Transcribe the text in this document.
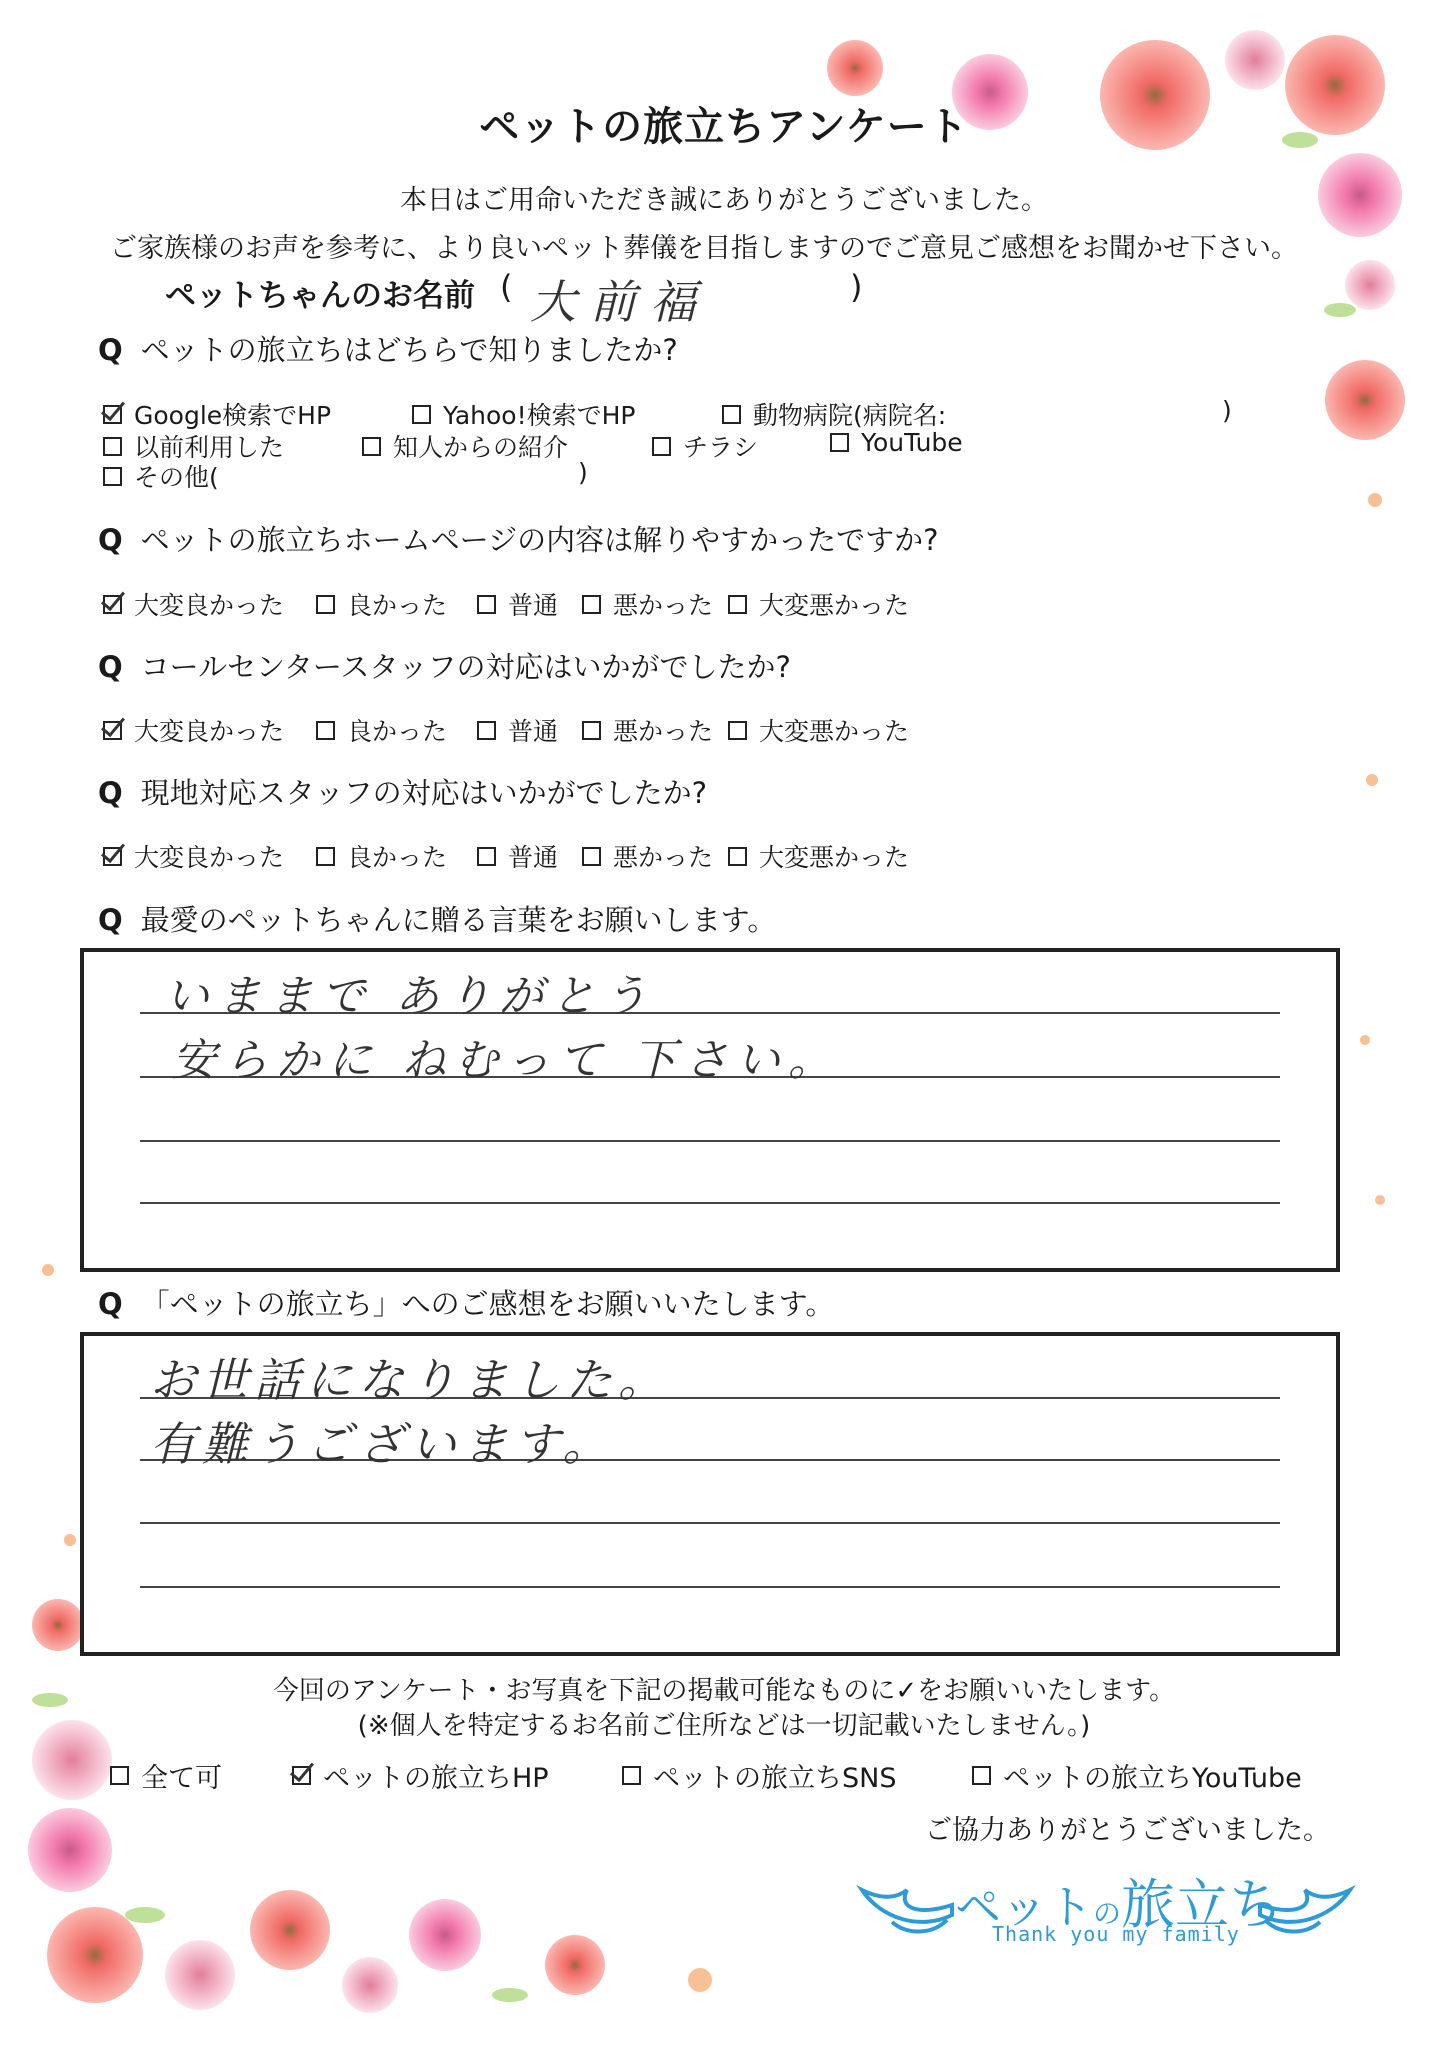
ペットの旅立ちアンケート
本日はご用命いただき誠にありがとうございました。
ご家族様のお声を参考に、より良いペット葬儀を目指しますのでご意見ご感想をお聞かせ下さい。
ペットちゃんのお名前 ( 大前福	)
Q ペットの旅立ちはどちらで知りましたか?
Google検索でHP	Yahoo!検索でHP	動物病院(病院名:	)
以前利用した	知人からの紹介	チラシ	YouTube
その他(	)
Q ペットの旅立ちホームページの内容は解りやすかったですか?
大変良かった	良かった 普通 悪かった 大変悪かった
Q コールセンタースタッフの対応はいかがでしたか?
大変良かった	良かった 普通 悪かった 大変悪かった
Q 現地対応スタッフの対応はいかがでしたか?
大変良かった	良かった 普通 悪かった 大変悪かった
Q 最愛のペットちゃんに贈る言葉をお願いします。
いままで ありがとう
安らかに ねむって 下さい。
Q 「ペットの旅立ち」へのご感想をお願いいたします。
お世話になりました。
有難うございます。
今回のアンケート・お写真を下記の掲載可能なものに✓をお願いいたします。
(※個人を特定するお名前ご住所などは一切記載いたしません。)
全て可	ペットの旅立ちHP	ペットの旅立ちSNS	ペットの旅立ちYouTube
ご協力ありがとうございました。
ペットの旅立ち
Thank you my family
